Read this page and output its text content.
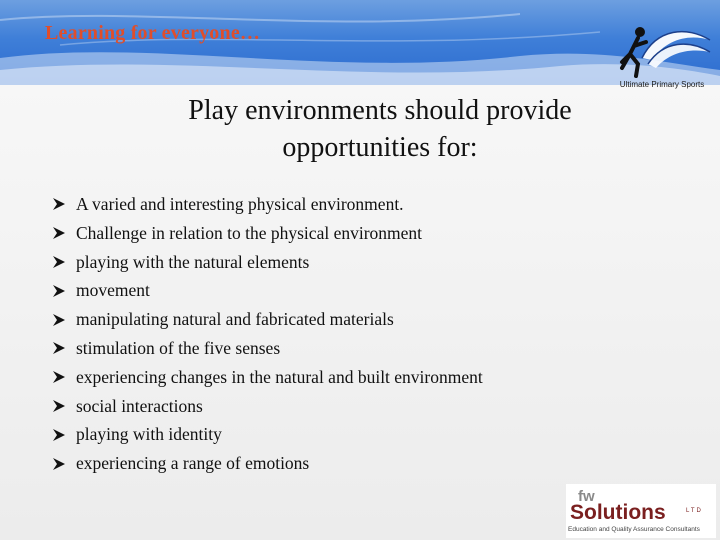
Learning for everyone…
Ultimate Primary Sports
Play environments should provide
opportunities for:
A varied and interesting physical environment.
Challenge in relation to the physical environment
playing with the natural elements
movement
manipulating natural and fabricated materials
stimulation of the five senses
experiencing changes in the natural and built environment
social interactions
playing with identity
experiencing a range of emotions
fw
Solutions	LTD
Education and Quality Assurance Consultants
